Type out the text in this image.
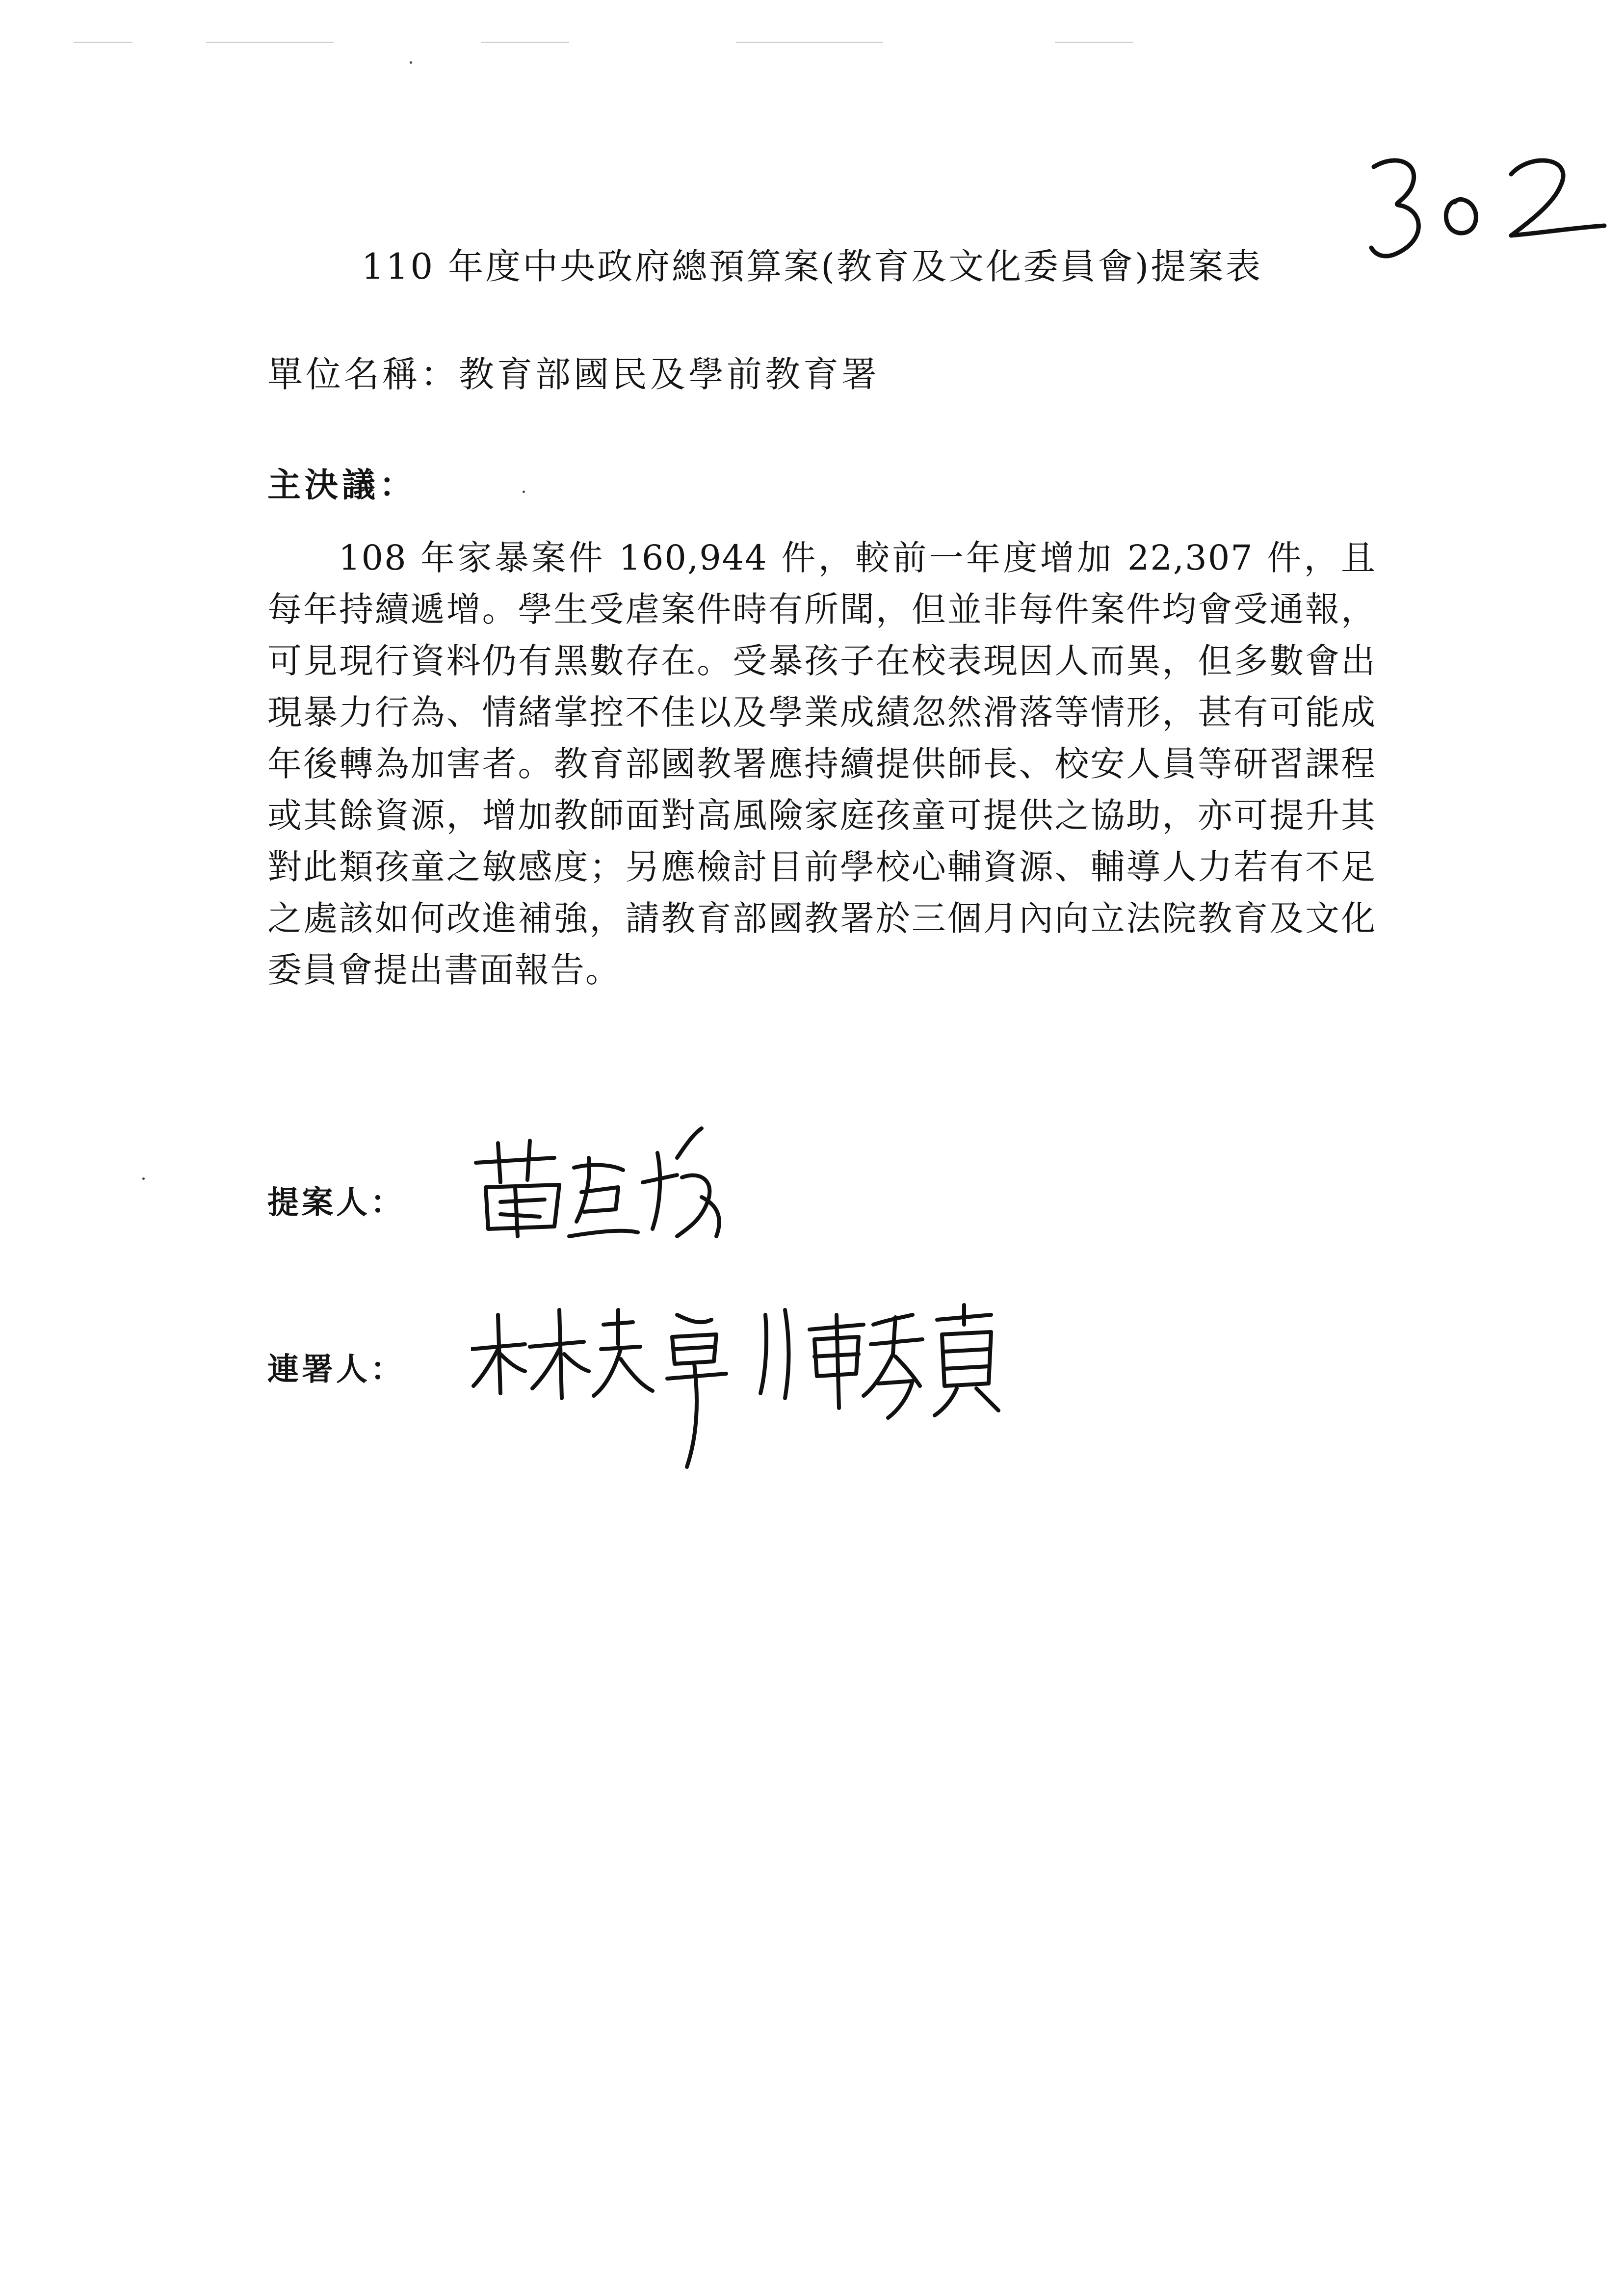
110 年度中央政府總預算案(教育及文化委員會)提案表
單位名稱：教育部國民及學前教育署
主決議：
108 年家暴案件 160,944 件，較前一年度增加 22,307 件，且每年持續遞增。學生受虐案件時有所聞，但並非每件案件均會受通報，可見現行資料仍有黑數存在。受暴孩子在校表現因人而異，但多數會出現暴力行為、情緒掌控不佳以及學業成績忽然滑落等情形，甚有可能成年後轉為加害者。教育部國教署應持續提供師長、校安人員等研習課程或其餘資源，增加教師面對高風險家庭孩童可提供之協助，亦可提升其對此類孩童之敏感度；另應檢討目前學校心輔資源、輔導人力若有不足之處該如何改進補強，請教育部國教署於三個月內向立法院教育及文化委員會提出書面報告。
提案人：
連署人：
